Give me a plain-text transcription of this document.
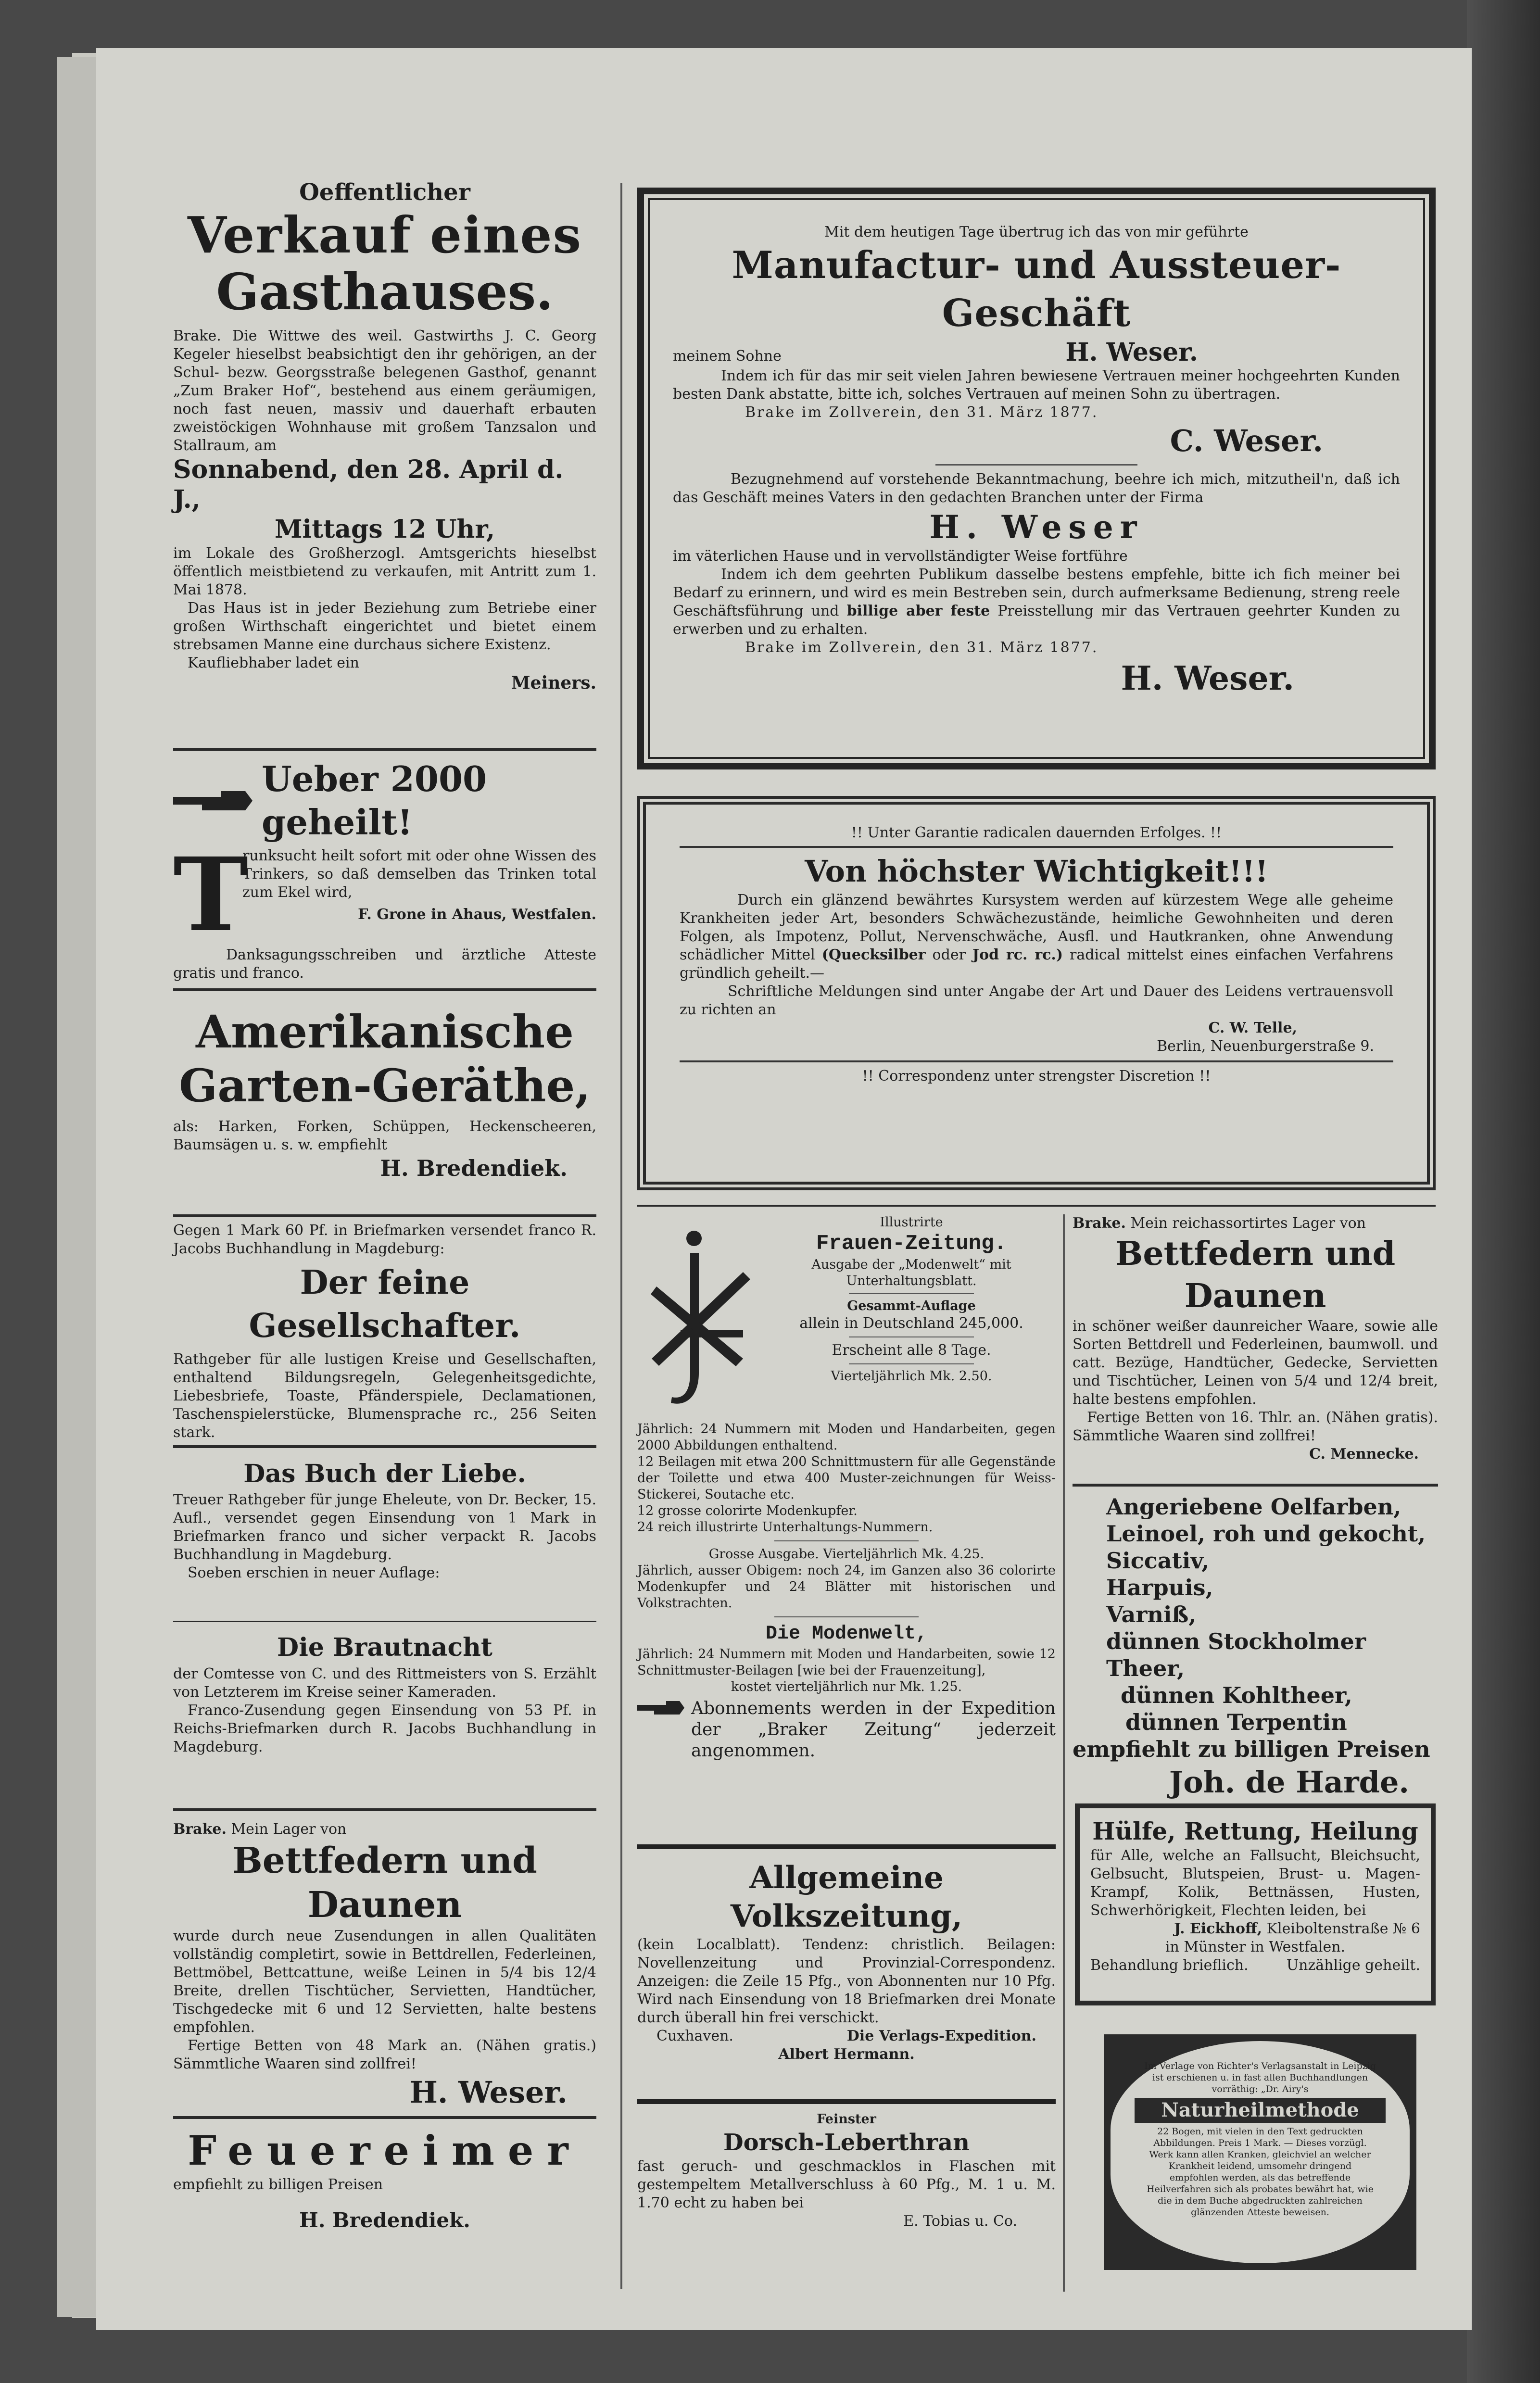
Oeffentlicher

Verkauf eines

Gasthauses.

Brake. Die Wittwe des weil. Gastwirths J. C. Georg Kegeler hieselbst beabsichtigt den ihr gehörigen, an der Schul- bezw. Georgsstraße belegenen Gasthof, genannt „Zum Braker Hof“, bestehend aus einem geräumigen, noch fast neuen, massiv und dauerhaft erbauten zweistöckigen Wohnhause mit großem Tanzsalon und Stallraum, am

Sonnabend, den 28. April d. J.,

Mittags 12 Uhr,

im Lokale des Großherzogl. Amtsgerichts hieselbst öffentlich meistbietend zu verkaufen, mit Antritt zum 1. Mai 1878.

Das Haus ist in jeder Beziehung zum Betriebe einer großen Wirthschaft eingerichtet und bietet einem strebsamen Manne eine durchaus sichere Existenz.

Kaufliebhaber ladet ein

Meiners.

Ueber 2000 geheilt!

T

runksucht heilt sofort mit oder ohne Wissen des Trinkers, so daß demselben das Trinken total zum Ekel wird,

F. Grone in Ahaus, Westfalen.

Danksagungsschreiben und ärztliche Atteste gratis und franco.

Amerikanische

Garten-Geräthe,

als: Harken, Forken, Schüppen, Heckenscheeren, Baumsägen u. s. w. empfiehlt

H. Bredendiek.

Gegen 1 Mark 60 Pf. in Briefmarken versendet franco R. Jacobs Buchhandlung in Magdeburg:

Der feine Gesellschafter.

Rathgeber für alle lustigen Kreise und Gesellschaften, enthaltend Bildungsregeln, Gelegenheitsgedichte, Liebesbriefe, Toaste, Pfänderspiele, Declamationen, Taschenspielerstücke, Blumensprache rc., 256 Seiten stark.

Das Buch der Liebe.

Treuer Rathgeber für junge Eheleute, von Dr. Becker, 15. Aufl., versendet gegen Einsendung von 1 Mark in Briefmarken franco und sicher verpackt R. Jacobs Buchhandlung in Magdeburg.

Soeben erschien in neuer Auflage:

Die Brautnacht

der Comtesse von C. und des Rittmeisters von S. Erzählt von Letzterem im Kreise seiner Kameraden.

Franco-Zusendung gegen Einsendung von 53 Pf. in Reichs-Briefmarken durch R. Jacobs Buchhandlung in Magdeburg.

Brake. Mein Lager von

Bettfedern und Daunen

wurde durch neue Zusendungen in allen Qualitäten vollständig completirt, sowie in Bettdrellen, Federleinen, Bettmöbel, Bettcattune, weiße Leinen in 5/4 bis 12/4 Breite, drellen Tischtücher, Servietten, Handtücher, Tischgedecke mit 6 und 12 Servietten, halte bestens empfohlen.

Fertige Betten von 48 Mark an. (Nähen gratis.) Sämmtliche Waaren sind zollfrei!

H. Weser.

Feuereimer

empfiehlt zu billigen Preisen

H. Bredendiek.

Mit dem heutigen Tage übertrug ich das von mir geführte

Manufactur- und Aussteuer-Geschäft

meinem Sohne	H. Weser.

Indem ich für das mir seit vielen Jahren bewiesene Vertrauen meiner hochgeehrten Kunden besten Dank abstatte, bitte ich, solches Vertrauen auf meinen Sohn zu übertragen.

Brake im Zollverein, den 31. März 1877.

C. Weser.

Bezugnehmend auf vorstehende Bekanntmachung, beehre ich mich, mitzutheil'n, daß ich das Geschäft meines Vaters in den gedachten Branchen unter der Firma

H. Weser

im väterlichen Hause und in vervollständigter Weise fortführe

Indem ich dem geehrten Publikum dasselbe bestens empfehle, bitte ich fich meiner bei Bedarf zu erinnern, und wird es mein Bestreben sein, durch aufmerksame Bedienung, streng reele Geschäftsführung und billige aber feste Preisstellung mir das Vertrauen geehrter Kunden zu erwerben und zu erhalten.

Brake im Zollverein, den 31. März 1877.

H. Weser.

!! Unter Garantie radicalen dauernden Erfolges. !!

Von höchster Wichtigkeit!!!

Durch ein glänzend bewährtes Kursystem werden auf kürzestem Wege alle geheime Krankheiten jeder Art, besonders Schwächezustände, heimliche Gewohnheiten und deren Folgen, als Impotenz, Pollut, Nervenschwäche, Ausfl. und Hautkranken, ohne Anwendung schädlicher Mittel (Quecksilber oder Jod rc. rc.) radical mittelst eines einfachen Verfahrens gründlich geheilt.—

Schriftliche Meldungen sind unter Angabe der Art und Dauer des Leidens vertrauensvoll zu richten an

C. W. Telle,

Berlin, Neuenburgerstraße 9.

!! Correspondenz unter strengster Discretion !!

Illustrirte

Frauen-Zeitung.

Ausgabe der „Modenwelt“ mit Unterhaltungsblatt.

Gesammt-Auflage

allein in Deutschland 245,000.

Erscheint alle 8 Tage.

Vierteljährlich Mk. 2.50.

Jährlich: 24 Nummern mit Moden und Handarbeiten, gegen 2000 Abbildungen enthaltend.

12 Beilagen mit etwa 200 Schnittmustern für alle Gegenstände der Toilette und etwa 400 Muster-zeichnungen für Weiss-Stickerei, Soutache etc.

12 grosse colorirte Modenkupfer.

24 reich illustrirte Unterhaltungs-Nummern.

Grosse Ausgabe. Vierteljährlich Mk. 4.25.

Jährlich, ausser Obigem: noch 24, im Ganzen also 36 colorirte Modenkupfer und 24 Blätter mit historischen und Volkstrachten.

Die Modenwelt,

Jährlich: 24 Nummern mit Moden und Handarbeiten, sowie 12 Schnittmuster-Beilagen [wie bei der Frauenzeitung],

kostet vierteljährlich nur Mk. 1.25.

Abonnements werden in der Expedition der „Braker Zeitung“ jederzeit angenommen.

Allgemeine Volkszeitung,

(kein Localblatt). Tendenz: christlich. Beilagen: Novellenzeitung und Provinzial-Correspondenz. Anzeigen: die Zeile 15 Pfg., von Abonnenten nur 10 Pfg. Wird nach Einsendung von 18 Briefmarken drei Monate durch überall hin frei verschickt.

Cuxhaven.	Die Verlags-Expedition.

Albert Hermann.

Feinster

Dorsch-Leberthran

fast geruch- und geschmacklos in Flaschen mit gestempeltem Metallverschluss à 60 Pfg., M. 1 u. M. 1.70 echt zu haben bei

E. Tobias u. Co.

Brake. Mein reichassortirtes Lager von

Bettfedern und Daunen

in schöner weißer daunreicher Waare, sowie alle Sorten Bettdrell und Federleinen, baumwoll. und catt. Bezüge, Handtücher, Gedecke, Servietten und Tischtücher, Leinen von 5/4 und 12/4 breit, halte bestens empfohlen.

Fertige Betten von 16. Thlr. an. (Nähen gratis). Sämmtliche Waaren sind zollfrei!

C. Mennecke.

Angeriebene Oelfarben,

Leinoel, roh und gekocht,

Siccativ,

Harpuis,

Varniß,

dünnen Stockholmer Theer,

dünnen Kohltheer,

dünnen Terpentin

empfiehlt zu billigen Preisen

Joh. de Harde.

Hülfe, Rettung, Heilung

für Alle, welche an Fallsucht, Bleichsucht, Gelbsucht, Blutspeien, Brust- u. Magen-Krampf, Kolik, Bettnässen, Husten, Schwerhörigkeit, Flechten leiden, bei

J. Eickhoff, Kleiboltenstraße № 6

in Münster in Westfalen.

Behandlung brieflich.	Unzählige geheilt.

Im Verlage von Richter's Verlagsanstalt in Leipzig ist erschienen u. in fast allen Buchhandlungen vorräthig: „Dr. Airy's

Naturheilmethode

22 Bogen, mit vielen in den Text gedruckten Abbildungen. Preis 1 Mark. — Dieses vorzügl. Werk kann allen Kranken, gleichviel an welcher Krankheit leidend, umsomehr dringend empfohlen werden, als das betreffende Heilverfahren sich als probates bewährt hat, wie die in dem Buche abgedruckten zahlreichen glänzenden Atteste beweisen.
